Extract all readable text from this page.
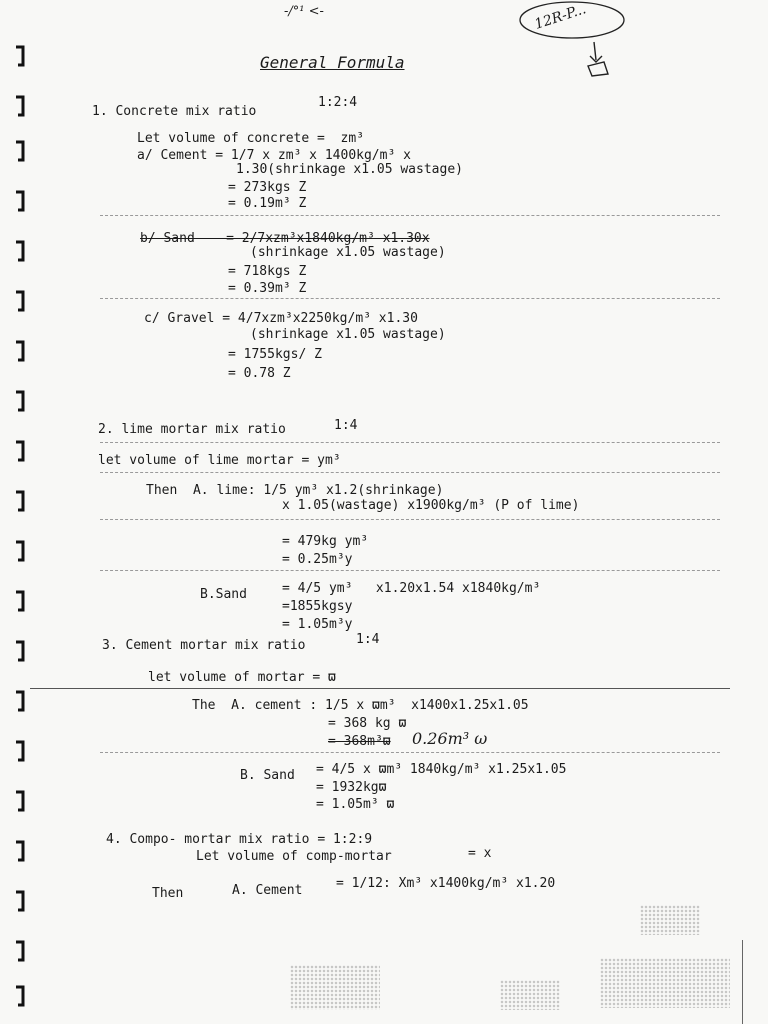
-/°¹ <-	12R-P...
General Formula
1. Concrete mix ratio
1:2:4
Let volume of concrete =  zm³
a/ Cement = 1/7 x zm³ x 1400kg/m³ x
1.30(shrinkage x1.05 wastage)
= 273kgs Z
= 0.19m³ Z
b/ Sand    = 2/7xzm³x1840kg/m³ x1.30x
(shrinkage x1.05 wastage)
= 718kgs Z
= 0.39m³ Z
c/ Gravel = 4/7xzm³x2250kg/m³ x1.30
(shrinkage x1.05 wastage)
= 1755kgs/ Z
= 0.78 Z
2. lime mortar mix ratio	1:4
let volume of lime mortar = ym³
Then  A. lime: 1/5 ym³ x1.2(shrinkage)
x 1.05(wastage) x1900kg/m³ (P of lime)
= 479kg ym³
= 0.25m³y
B.Sand	= 4/5 ym³   x1.20x1.54 x1840kg/m³
=1855kgsy
= 1.05m³y
3. Cement mortar mix ratio	1:4
let volume of mortar = ϖ
The  A. cement : 1/5 x ϖm³  x1400x1.25x1.05
= 368 kg ϖ
= 368m³ϖ 0.26m³ ω
B. Sand = 4/5 x ϖm³ 1840kg/m³ x1.25x1.05
= 1932kgϖ
= 1.05m³ ϖ
4. Compo- mortar mix ratio = 1:2:9
Let volume of comp-mortar	= x
Then	A. Cement	= 1/12: Xm³ x1400kg/m³ x1.20
